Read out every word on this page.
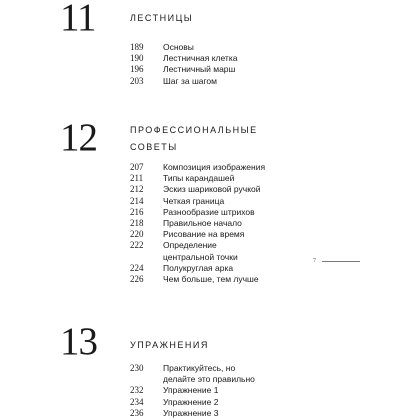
11	ЛЕСТНИЦЫ
189	Основы
190	Лестничная клетка
196	Лестничный марш
203	Шаг за шагом
12	ПРОФЕССИОНАЛЬНЫЕ СОВЕТЫ
207	Композиция изображения
211	Типы карандашей
212	Эскиз шариковой ручкой
214	Четкая граница
216	Разнообразие штрихов
218	Правильное начало
220	Рисование на время
222	Определение центральной точки
224	Полукруглая арка
226	Чем больше, тем лучше
7
13	УПРАЖНЕНИЯ
230	Практикуйтесь, но делайте это правильно
232	Упражнение 1
234	Упражнение 2
236	Упражнение 3
